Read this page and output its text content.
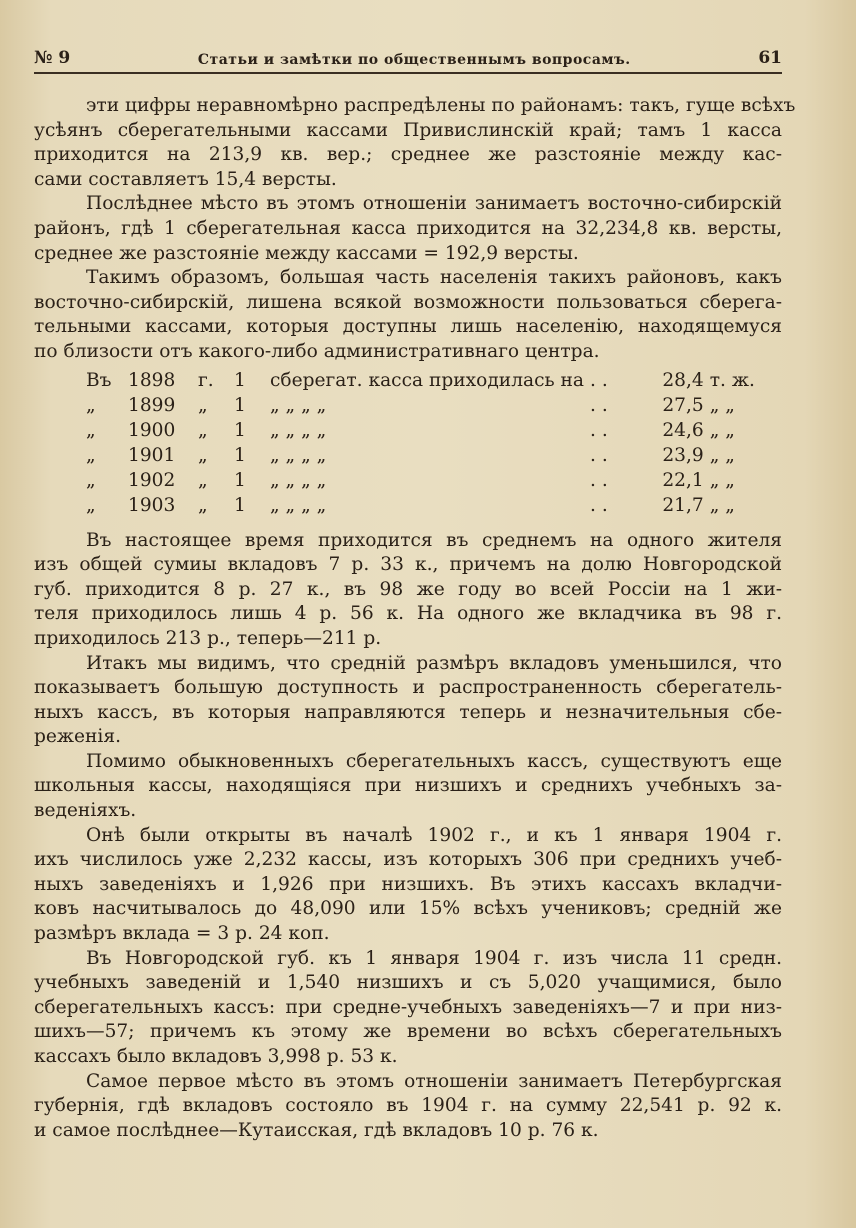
№ 9	Статьи и замѣтки по общественнымъ вопросамъ.	61

эти цифры неравномѣрно распредѣлены по районамъ: такъ, гуще всѣхъ
усѣянъ сберегательными кассами Привислинскій край; тамъ 1 касса
приходится на 213,9 кв. вер.; среднее же разстояніе между кас-
сами составляетъ 15,4 версты.

Послѣднее мѣсто въ этомъ отношеніи занимаетъ восточно-сибирскій
районъ, гдѣ 1 сберегательная касса приходится на 32,234,8 кв. версты,
среднее же разстояніе между кассами = 192,9 версты.

Такимъ образомъ, большая часть населенія такихъ районовъ, какъ
восточно-сибирскій, лишена всякой возможности пользоваться сберега-
тельными кассами, которыя доступны лишь населенію, находящемуся
по близости отъ какого-либо административнаго центра.

Въ	1898	г.	1	сберегат. касса приходилась на	. .	28,4	т. ж.
„	1899	„	1	„ „ „ „	. .	27,5	„ „
„	1900	„	1	„ „ „ „	. .	24,6	„ „
„	1901	„	1	„ „ „ „	. .	23,9	„ „
„	1902	„	1	„ „ „ „	. .	22,1	„ „
„	1903	„	1	„ „ „ „	. .	21,7	„ „

Въ настоящее время приходится въ среднемъ на одного жителя
изъ общей сумиы вкладовъ 7 р. 33 к., причемъ на долю Новгородской
губ. приходится 8 р. 27 к., въ 98 же году во всей Россіи на 1 жи-
теля приходилось лишь 4 р. 56 к. На одного же вкладчика въ 98 г.
приходилось 213 р., теперь—211 р.

Итакъ мы видимъ, что средній размѣръ вкладовъ уменьшился, что
показываетъ большую доступность и распространенность сберегатель-
ныхъ кассъ, въ которыя направляются теперь и незначительныя сбе-
реженія.

Помимо обыкновенныхъ сберегательныхъ кассъ, существуютъ еще
школьныя кассы, находящіяся при низшихъ и среднихъ учебныхъ за-
веденіяхъ.

Онѣ были открыты въ началѣ 1902 г., и къ 1 января 1904 г.
ихъ числилось уже 2,232 кассы, изъ которыхъ 306 при среднихъ учеб-
ныхъ заведеніяхъ и 1,926 при низшихъ. Въ этихъ кассахъ вкладчи-
ковъ насчитывалось до 48,090 или 15% всѣхъ учениковъ; средній же
размѣръ вклада = 3 р. 24 коп.

Въ Новгородской губ. къ 1 января 1904 г. изъ числа 11 средн.
учебныхъ заведеній и 1,540 низшихъ и съ 5,020 учащимися, было
сберегательныхъ кассъ: при средне-учебныхъ заведеніяхъ—7 и при низ-
шихъ—57; причемъ къ этому же времени во всѣхъ сберегательныхъ
кассахъ было вкладовъ 3,998 р. 53 к.

Самое первое мѣсто въ этомъ отношеніи занимаетъ Петербургская
губернія, гдѣ вкладовъ состояло въ 1904 г. на сумму 22,541 р. 92 к.
и самое послѣднее—Кутаисская, гдѣ вкладовъ 10 р. 76 к.
